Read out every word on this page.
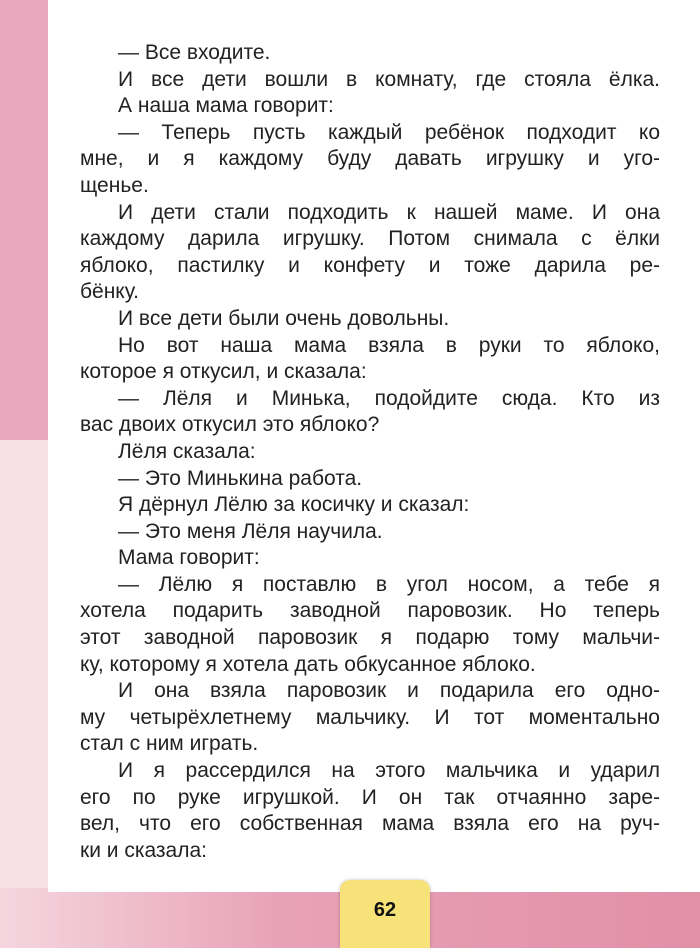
— Все входите.

И все дети вошли в комнату, где стояла ёлка.

А наша мама говорит:

— Теперь пусть каждый ребёнок подходит ко

мне, и я каждому буду давать игрушку и уго-

щенье.

И дети стали подходить к нашей маме. И она

каждому дарила игрушку. Потом снимала с ёлки

яблоко, пастилку и конфету и тоже дарила ре-

бёнку.

И все дети были очень довольны.

Но вот наша мама взяла в руки то яблоко,

которое я откусил, и сказала:

— Лёля и Минька, подойдите сюда. Кто из

вас двоих откусил это яблоко?

Лёля сказала:

— Это Минькина работа.

Я дёрнул Лёлю за косичку и сказал:

— Это меня Лёля научила.

Мама говорит:

— Лёлю я поставлю в угол носом, а тебе я

хотела подарить заводной паровозик. Но теперь

этот заводной паровозик я подарю тому мальчи-

ку, которому я хотела дать обкусанное яблоко.

И она взяла паровозик и подарила его одно-

му четырёхлетнему мальчику. И тот моментально

стал с ним играть.

И я рассердился на этого мальчика и ударил

его по руке игрушкой. И он так отчаянно заре-

вел, что его собственная мама взяла его на руч-

ки и сказала:

62
